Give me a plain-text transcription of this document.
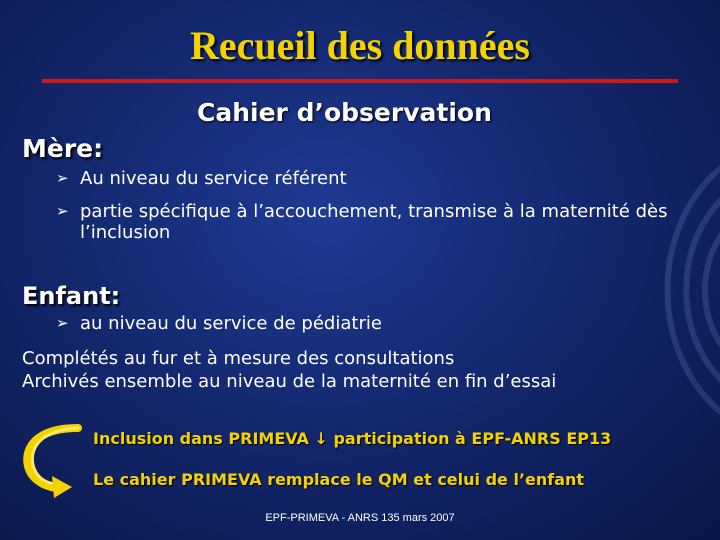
Recueil des données
Cahier d’observation
Mère:
➢ Au niveau du service référent
➢ partie spécifique à l’accouchement, transmise à la maternité dès l’inclusion
Enfant:
➢ au niveau du service de pédiatrie
Complétés au fur et à mesure des consultations
Archivés ensemble au niveau de la maternité en fin d’essai
Inclusion dans PRIMEVA ↓ participation à EPF-ANRS EP13
Le cahier PRIMEVA remplace le QM et celui de l’enfant
EPF-PRIMEVA - ANRS 135 mars 2007
